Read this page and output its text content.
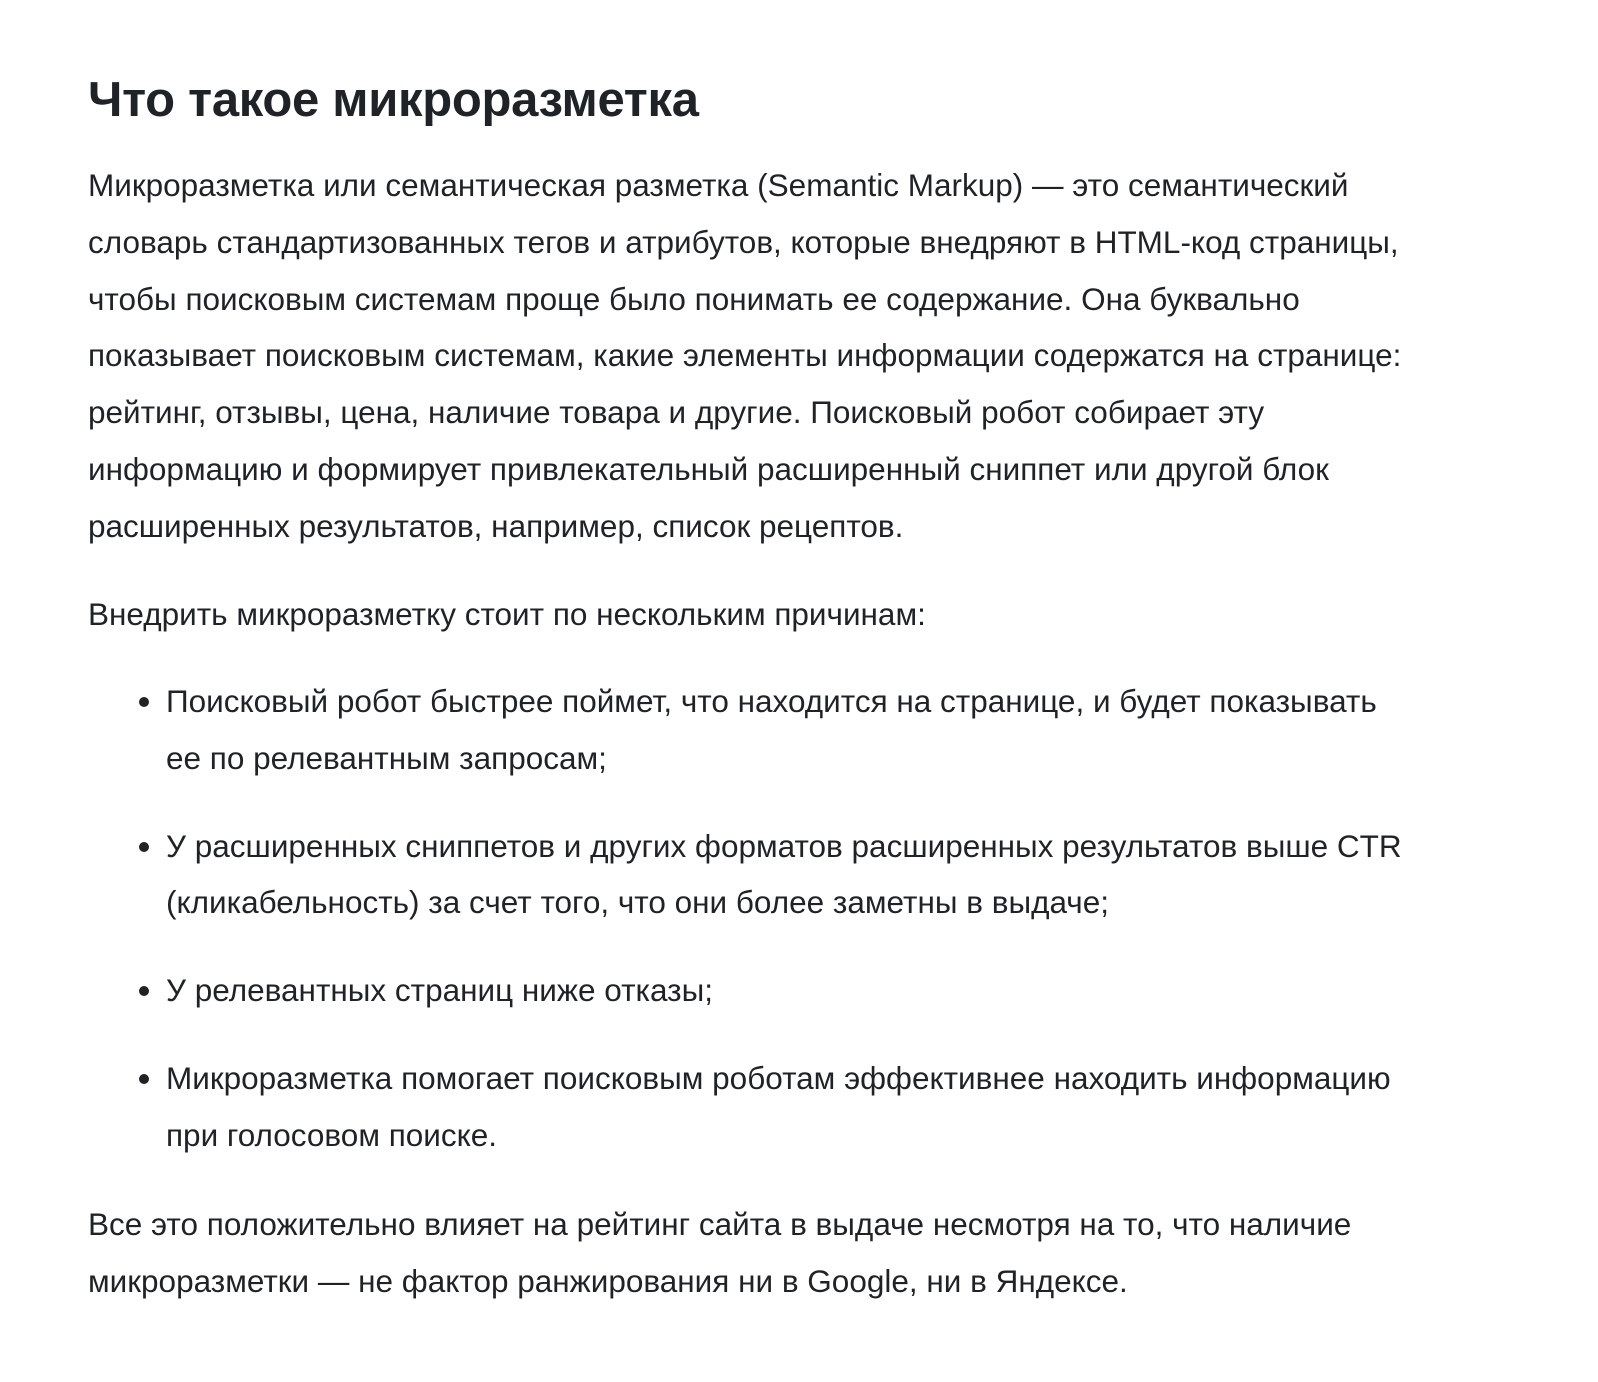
Что такое микроразметка

Микроразметка или семантическая разметка (Semantic Markup) — это семантический
словарь стандартизованных тегов и атрибутов, которые внедряют в HTML-код страницы,
чтобы поисковым системам проще было понимать ее содержание. Она буквально
показывает поисковым системам, какие элементы информации содержатся на странице:
рейтинг, отзывы, цена, наличие товара и другие. Поисковый робот собирает эту
информацию и формирует привлекательный расширенный сниппет или другой блок
расширенных результатов, например, список рецептов.

Внедрить микроразметку стоит по нескольким причинам:

Поисковый робот быстрее поймет, что находится на странице, и будет показывать
ее по релевантным запросам;
У расширенных сниппетов и других форматов расширенных результатов выше CTR
(кликабельность) за счет того, что они более заметны в выдаче;
У релевантных страниц ниже отказы;
Микроразметка помогает поисковым роботам эффективнее находить информацию
при голосовом поиске.

Все это положительно влияет на рейтинг сайта в выдаче несмотря на то, что наличие
микроразметки — не фактор ранжирования ни в Google, ни в Яндексе.
